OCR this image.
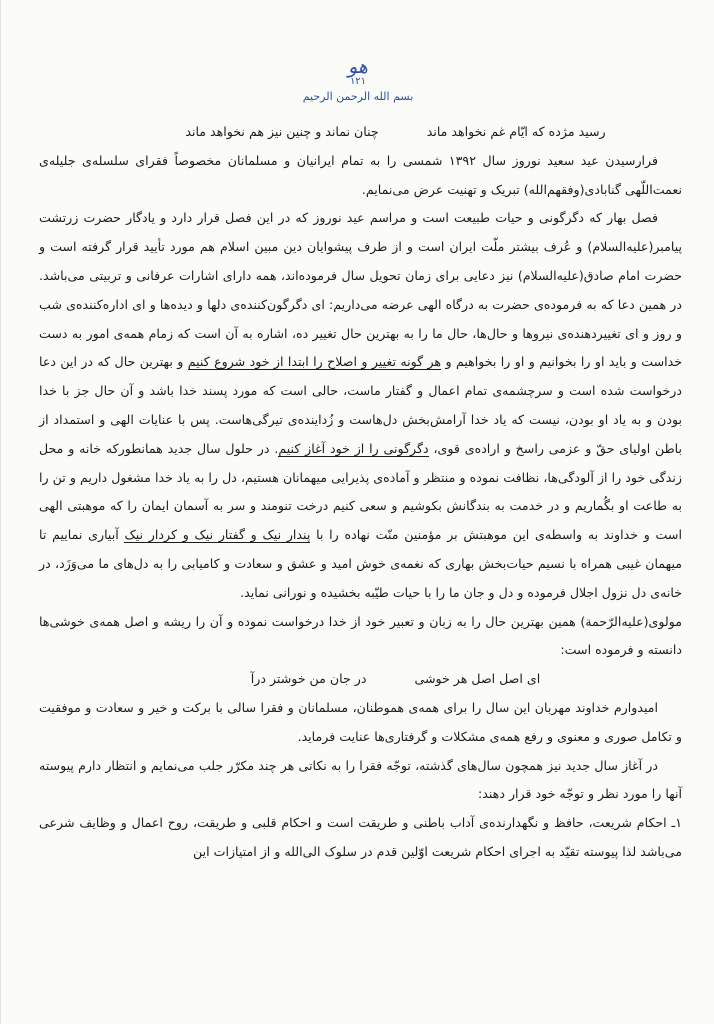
هو
۱۲۱
بسم الله الرحمن الرحیم

رسید مژده که ایّام غم نخواهد ماند چنان نماند و چنین نیز هم نخواهد ماند

فرارسیدن عید سعید نوروز سال ۱۳۹۲ شمسی را به تمام ایرانیان و مسلمانان مخصوصاً فقرای سلسله‌ی جلیله‌ی نعمت‌اللّهی گنابادی(وفقهم‌الله) تبریک و تهنیت عرض می‌نمایم.

فصل بهار که دگرگونی و حیات طبیعت است و مراسم عید نوروز که در این فصل قرار دارد و یادگار حضرت زرتشت پیامبر(علیه‌السلام) و عُرف بیشتر ملّت ایران است و از طرف پیشوایان دین مبین اسلام هم مورد تأیید قرار گرفته است و حضرت امام صادق(علیه‌السلام) نیز دعایی برای زمان تحویل سال فرموده‌اند، همه دارای اشارات عرفانی و تربیتی می‌باشد. در همین دعا که به فرموده‌ی حضرت به درگاه الهی عرضه می‌داریم: ای دگرگون‌کننده‌ی دلها و دیده‌ها و ای اداره‌کننده‌ی شب و روز و ای تغییردهنده‌ی نیروها و حال‌ها، حال ما را به بهترین حال تغییر ده، اشاره به آن است که زمام همه‌ی امور به دست خداست و باید او را بخوانیم و او را بخواهیم و هر گونه تغییر و اصلاح را ابتدا از خود شروع کنیم و بهترین حال که در این دعا درخواست شده است و سرچشمه‌ی تمام اعمال و گفتار ماست، حالی است که مورد پسند خدا باشد و آن حال جز با خدا بودن و به یاد او بودن، نیست که یاد خدا آرامش‌بخش دل‌هاست و زُداینده‌ی تیرگی‌هاست. پس با عنایات الهی و استمداد از باطن اولیای حقّ و عزمی راسخ و اراده‌ی قوی، دگرگونی را از خود آغاز کنیم. در حلول سال جدید همانطورکه خانه و محل زندگی خود را از آلودگی‌ها، نظافت نموده و منتظر و آماده‌ی پذیرایی میهمانان هستیم، دل را به یاد خدا مشغول داریم و تن را به طاعت او بگُماریم و در خدمت به بندگانش بکوشیم و سعی کنیم درخت تنومند و سر به آسمان ایمان را که موهبتی الهی است و خداوند به واسطه‌ی این موهبتش بر مؤمنین منّت نهاده را با پندار نیک و گفتار نیک و کردار نیک آبیاری نماییم تا میهمان غیبی همراه با نسیم حیات‌بخش بهاری که نغمه‌ی خوش امید و عشق و سعادت و کامیابی را به دل‌های ما می‌وَزَد، در خانه‌ی دل نزول اجلال فرموده و دل و جان ما را با حیات طیّبه بخشیده و نورانی نماید.

مولوی(علیه‌الرّحمة) همین بهترین حال را به زبان و تعبیر خود از خدا درخواست نموده و آن را ریشه و اصل همه‌ی خوشی‌ها دانسته و فرموده است:

ای اصل اصل هر خوشی در جان من خوشتر درآ

امیدوارم خداوند مهربان این سال را برای همه‌ی هموطنان، مسلمانان و فقرا سالی با برکت و خیر و سعادت و موفقیت و تکامل صوری و معنوی و رفع همه‌ی مشکلات و گرفتاری‌ها عنایت فرماید.

در آغاز سال جدید نیز همچون سال‌های گذشته، توجّه فقرا را به نکاتی هر چند مکرّر جلب می‌نمایم و انتظار دارم پیوسته آنها را مورد نظر و توجّه خود قرار دهند:

۱ـ احکام شریعت، حافظ و نگهدارنده‌ی آداب باطنی و طریقت است و احکام قلبی و طریقت، روح اعمال و وظایف شرعی می‌باشد لذا پیوسته تقیّد به اجرای احکام شریعت اوّلین قدم در سلوک الی‌الله و از امتیازات این
